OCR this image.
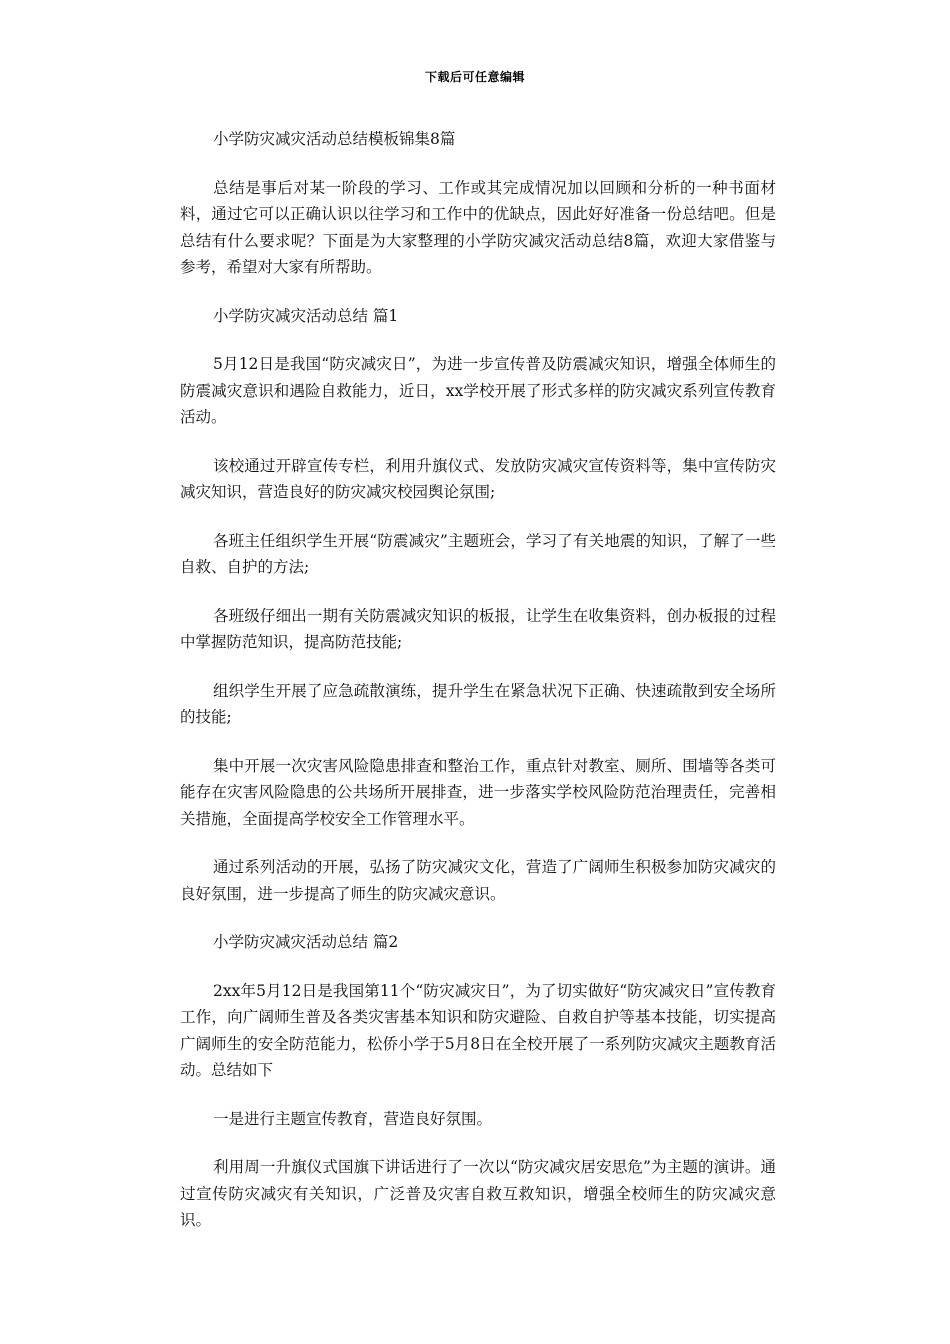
下载后可任意编辑

小学防灾减灾活动总结模板锦集8篇

总结是事后对某一阶段的学习、工作或其完成情况加以回顾和分析的一种书面材料，通过它可以正确认识以往学习和工作中的优缺点，因此好好准备一份总结吧。但是总结有什么要求呢？下面是为大家整理的小学防灾减灾活动总结8篇，欢迎大家借鉴与参考，希望对大家有所帮助。

小学防灾减灾活动总结 篇1

5月12日是我国“防灾减灾日”，为进一步宣传普及防震减灾知识，增强全体师生的防震减灾意识和遇险自救能力，近日，xx学校开展了形式多样的防灾减灾系列宣传教育活动。

该校通过开辟宣传专栏，利用升旗仪式、发放防灾减灾宣传资料等，集中宣传防灾减灾知识，营造良好的防灾减灾校园舆论氛围;

各班主任组织学生开展“防震减灾”主题班会，学习了有关地震的知识，了解了一些自救、自护的方法;

各班级仔细出一期有关防震减灾知识的板报，让学生在收集资料，创办板报的过程中掌握防范知识，提高防范技能;

组织学生开展了应急疏散演练，提升学生在紧急状况下正确、快速疏散到安全场所的技能;

集中开展一次灾害风险隐患排查和整治工作，重点针对教室、厕所、围墙等各类可能存在灾害风险隐患的公共场所开展排查，进一步落实学校风险防范治理责任，完善相关措施，全面提高学校安全工作管理水平。

通过系列活动的开展，弘扬了防灾减灾文化，营造了广阔师生积极参加防灾减灾的良好氛围，进一步提高了师生的防灾减灾意识。

小学防灾减灾活动总结 篇2

2xx年5月12日是我国第11个“防灾减灾日”，为了切实做好“防灾减灾日”宣传教育工作，向广阔师生普及各类灾害基本知识和防灾避险、自救自护等基本技能，切实提高广阔师生的安全防范能力，松侨小学于5月8日在全校开展了一系列防灾减灾主题教育活动。总结如下

一是进行主题宣传教育，营造良好氛围。

利用周一升旗仪式国旗下讲话进行了一次以“防灾减灾居安思危”为主题的演讲。通过宣传防灾减灾有关知识，广泛普及灾害自救互救知识，增强全校师生的防灾减灾意识。
